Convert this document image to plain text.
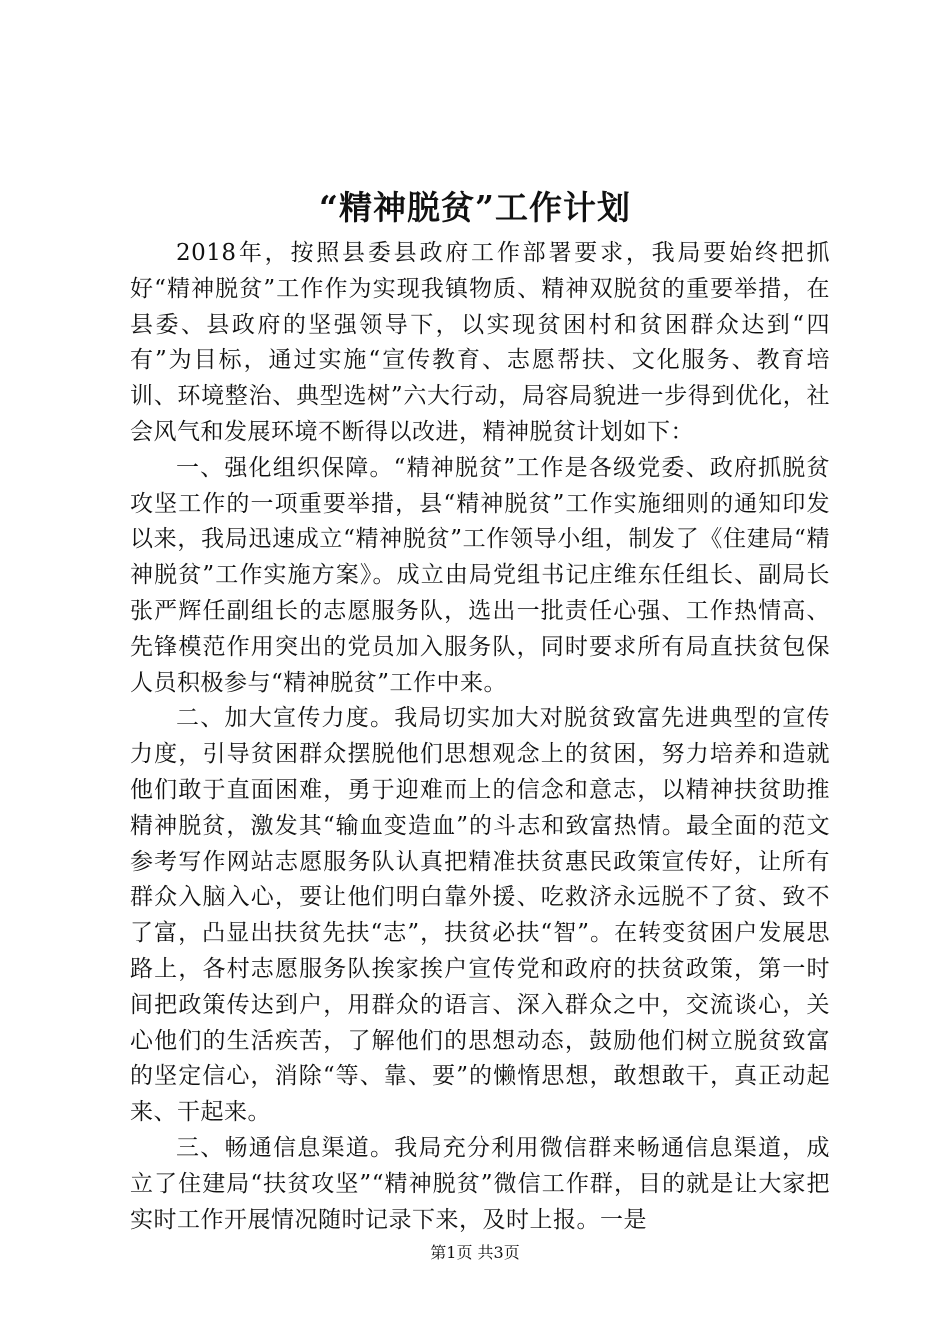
“精神脱贫”工作计划

2018年，按照县委县政府工作部署要求，我局要始终把抓好“精神脱贫”工作作为实现我镇物质、精神双脱贫的重要举措，在县委、县政府的坚强领导下，以实现贫困村和贫困群众达到“四有”为目标，通过实施“宣传教育、志愿帮扶、文化服务、教育培训、环境整治、典型选树”六大行动，局容局貌进一步得到优化，社会风气和发展环境不断得以改进，精神脱贫计划如下：

一、强化组织保障。“精神脱贫”工作是各级党委、政府抓脱贫攻坚工作的一项重要举措，县“精神脱贫”工作实施细则的通知印发以来，我局迅速成立“精神脱贫”工作领导小组，制发了《住建局“精神脱贫”工作实施方案》。成立由局党组书记庄维东任组长、副局长张严辉任副组长的志愿服务队，选出一批责任心强、工作热情高、先锋模范作用突出的党员加入服务队，同时要求所有局直扶贫包保人员积极参与“精神脱贫”工作中来。

二、加大宣传力度。我局切实加大对脱贫致富先进典型的宣传力度，引导贫困群众摆脱他们思想观念上的贫困，努力培养和造就他们敢于直面困难，勇于迎难而上的信念和意志，以精神扶贫助推精神脱贫，激发其“输血变造血”的斗志和致富热情。最全面的范文参考写作网站志愿服务队认真把精准扶贫惠民政策宣传好，让所有群众入脑入心，要让他们明白靠外援、吃救济永远脱不了贫、致不了富，凸显出扶贫先扶“志”，扶贫必扶“智”。在转变贫困户发展思路上，各村志愿服务队挨家挨户宣传党和政府的扶贫政策，第一时间把政策传达到户，用群众的语言、深入群众之中，交流谈心，关心他们的生活疾苦，了解他们的思想动态，鼓励他们树立脱贫致富的坚定信心，消除“等、靠、要”的懒惰思想，敢想敢干，真正动起来、干起来。

三、畅通信息渠道。我局充分利用微信群来畅通信息渠道，成立了住建局“扶贫攻坚”“精神脱贫”微信工作群，目的就是让大家把实时工作开展情况随时记录下来，及时上报。一是

第1页 共3页
